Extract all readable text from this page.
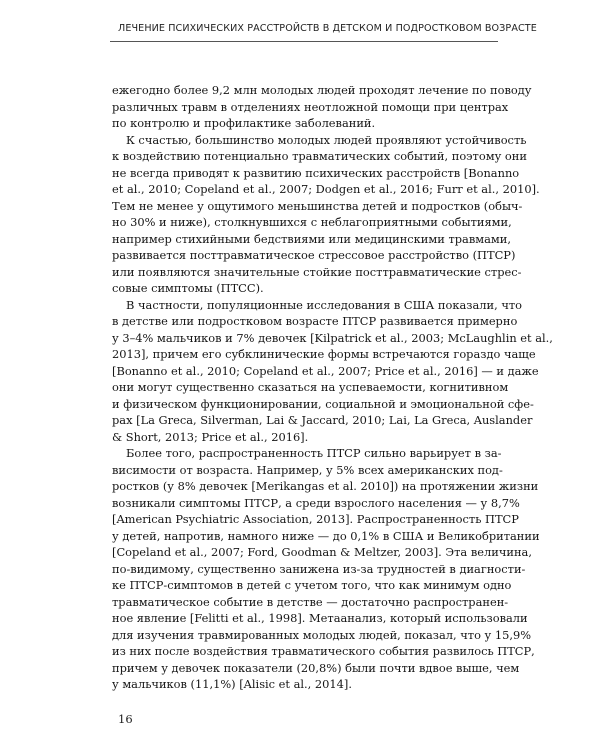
ЛЕЧЕНИЕ ПСИХИЧЕСКИХ РАССТРОЙСТВ В ДЕТСКОМ И ПОДРОСТКОВОМ ВОЗРАСТЕ
ежегодно более 9,2 млн молодых людей проходят лечение по поводу
различных травм в отделениях неотложной помощи при центрах
по контролю и профилактике заболеваний.
К счастью, большинство молодых людей проявляют устойчивость
к воздействию потенциально травматических событий, поэтому они
не всегда приводят к развитию психических расстройств [Bonanno
et al., 2010; Copeland et al., 2007; Dodgen et al., 2016; Furr et al., 2010].
Тем не менее у ощутимого меньшинства детей и подростков (обыч-
но 30% и ниже), столкнувшихся с неблагоприятными событиями,
например стихийными бедствиями или медицинскими травмами,
развивается посттравматическое стрессовое расстройство (ПТСР)
или появляются значительные стойкие посттравматические стрес-
совые симптомы (ПТСС).
В частности, популяционные исследования в США показали, что
в детстве или подростковом возрасте ПТСР развивается примерно
у 3–4% мальчиков и 7% девочек [Kilpatrick et al., 2003; McLaughlin et al.,
2013], причем его субклинические формы встречаются гораздо чаще
[Bonanno et al., 2010; Copeland et al., 2007; Price et al., 2016] — и даже
они могут существенно сказаться на успеваемости, когнитивном
и физическом функционировании, социальной и эмоциональной сфе-
рах [La Greca, Silverman, Lai & Jaccard, 2010; Lai, La Greca, Auslander
& Short, 2013; Price et al., 2016].
Более того, распространенность ПТСР сильно варьирует в за-
висимости от возраста. Например, у 5% всех американских под-
ростков (у 8% девочек [Merikangas et al. 2010]) на протяжении жизни
возникали симптомы ПТСР, а среди взрослого населения — у 8,7%
[American Psychiatric Association, 2013]. Распространенность ПТСР
у детей, напротив, намного ниже — до 0,1% в США и Великобритании
[Copeland et al., 2007; Ford, Goodman & Meltzer, 2003]. Эта величина,
по-видимому, существенно занижена из-за трудностей в диагности-
ке ПТСР-симптомов в детей с учетом того, что как минимум одно
травматическое событие в детстве — достаточно распространен-
ное явление [Felitti et al., 1998]. Метаанализ, который использовали
для изучения травмированных молодых людей, показал, что у 15,9%
из них после воздействия травматического события развилось ПТСР,
причем у девочек показатели (20,8%) были почти вдвое выше, чем
у мальчиков (11,1%) [Alisic et al., 2014].
16
